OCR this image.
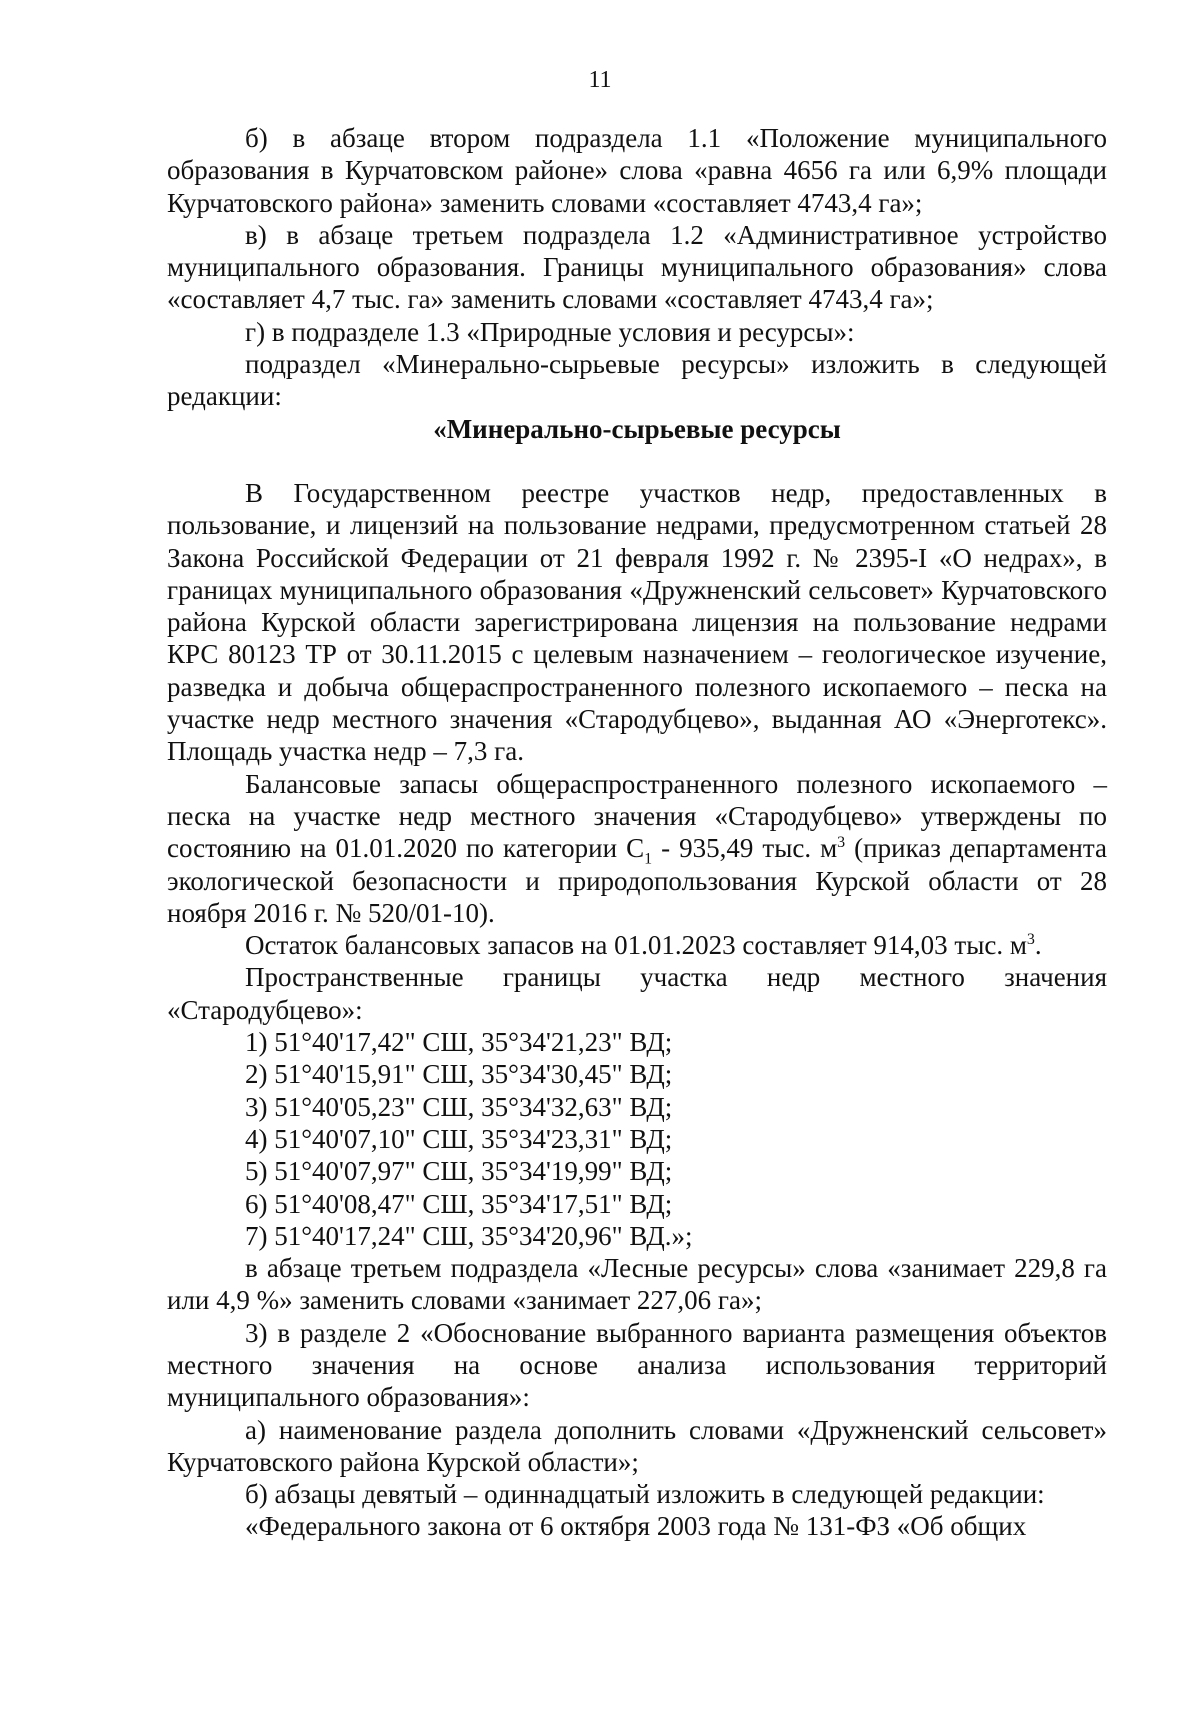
11

б) в абзаце втором подраздела 1.1 «Положение муниципального образования в Курчатовском районе» слова «равна 4656 га или 6,9% площади Курчатовского района» заменить словами «составляет 4743,4 га»;

в) в абзаце третьем подраздела 1.2 «Административное устройство муниципального образования. Границы муниципального образования» слова «составляет 4,7 тыс. га» заменить словами «составляет 4743,4 га»;

г) в подразделе 1.3 «Природные условия и ресурсы»:

подраздел «Минерально-сырьевые ресурсы» изложить в следующей редакции:

«Минерально-сырьевые ресурсы

В Государственном реестре участков недр, предоставленных в пользование, и лицензий на пользование недрами, предусмотренном статьей 28 Закона Российской Федерации от 21 февраля 1992 г. № 2395-I «О недрах», в границах муниципального образования «Дружненский сельсовет» Курчатовского района Курской области зарегистрирована лицензия на пользование недрами КРС 80123 ТР от 30.11.2015 с целевым назначением – геологическое изучение, разведка и добыча общераспространенного полезного ископаемого – песка на участке недр местного значения «Стародубцево», выданная АО «Энерготекс». Площадь участка недр – 7,3 га.

Балансовые запасы общераспространенного полезного ископаемого – песка на участке недр местного значения «Стародубцево» утверждены по состоянию на 01.01.2020 по категории $С_1 - 935,49$ тыс. $м^3$ (приказ департамента экологической безопасности и природопользования Курской области от 28 ноября 2016 г. № 520/01-10).

Остаток балансовых запасов на 01.01.2023 составляет 914,03 тыс. $м^3$.

Пространственные границы участка недр местного значения «Стародубцево»:

1) 51°40'17,42" СШ, 35°34'21,23" ВД;
2) 51°40'15,91" СШ, 35°34'30,45" ВД;
3) 51°40'05,23" СШ, 35°34'32,63" ВД;
4) 51°40'07,10" СШ, 35°34'23,31" ВД;
5) 51°40'07,97" СШ, 35°34'19,99" ВД;
6) 51°40'08,47" СШ, 35°34'17,51" ВД;
7) 51°40'17,24" СШ, 35°34'20,96" ВД.»;

в абзаце третьем подраздела «Лесные ресурсы» слова «занимает 229,8 га или 4,9 %» заменить словами «занимает 227,06 га»;

3) в разделе 2 «Обоснование выбранного варианта размещения объектов местного значения на основе анализа использования территорий муниципального образования»:

а) наименование раздела дополнить словами «Дружненский сельсовет» Курчатовского района Курской области»;

б) абзацы девятый – одиннадцатый изложить в следующей редакции:

«Федерального закона от 6 октября 2003 года № 131-ФЗ «Об общих
